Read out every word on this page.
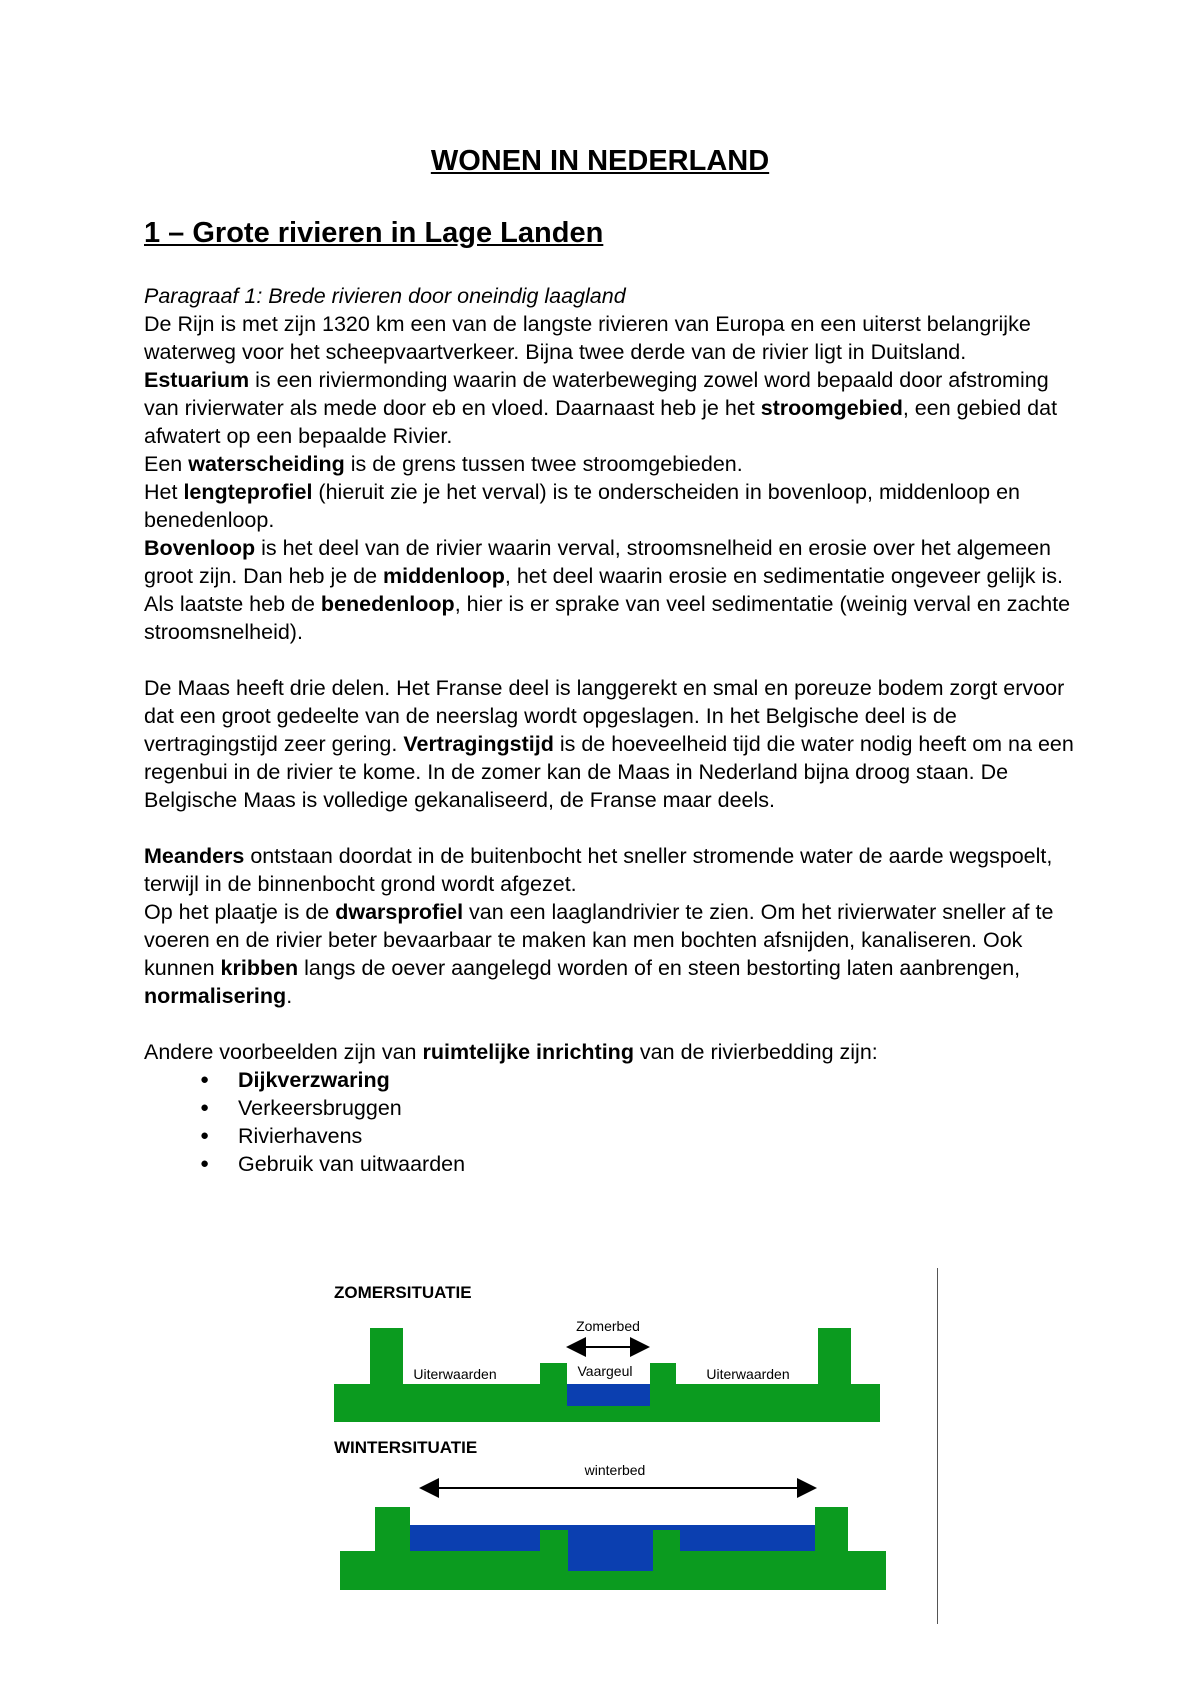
WONEN IN NEDERLAND
1 – Grote rivieren in Lage Landen

Paragraaf 1: Brede rivieren door oneindig laagland

De Rijn is met zijn 1320 km een van de langste rivieren van Europa en een uiterst belangrijke waterweg voor het scheepvaartverkeer. Bijna twee derde van de rivier ligt in Duitsland.

Estuarium is een riviermonding waarin de waterbeweging zowel word bepaald door afstroming van rivierwater als mede door eb en vloed. Daarnaast heb je het stroomgebied, een gebied dat afwatert op een bepaalde Rivier.

Een waterscheiding is de grens tussen twee stroomgebieden.

Het lengteprofiel (hieruit zie je het verval) is te onderscheiden in bovenloop, middenloop en benedenloop.

Bovenloop is het deel van de rivier waarin verval, stroomsnelheid en erosie over het algemeen groot zijn. Dan heb je de middenloop, het deel waarin erosie en sedimentatie ongeveer gelijk is. Als laatste heb de benedenloop, hier is er sprake van veel sedimentatie (weinig verval en zachte stroomsnelheid).

De Maas heeft drie delen. Het Franse deel is langgerekt en smal en poreuze bodem zorgt ervoor dat een groot gedeelte van de neerslag wordt opgeslagen. In het Belgische deel is de vertragingstijd zeer gering. Vertragingstijd is de hoeveelheid tijd die water nodig heeft om na een regenbui in de rivier te kome. In de zomer kan de Maas in Nederland bijna droog staan. De Belgische Maas is volledige gekanaliseerd, de Franse maar deels.

Meanders ontstaan doordat in de buitenbocht het sneller stromende water de aarde wegspoelt, terwijl in de binnenbocht grond wordt afgezet.

Op het plaatje is de dwarsprofiel van een laaglandrivier te zien. Om het rivierwater sneller af te voeren en de rivier beter bevaarbaar te maken kan men bochten afsnijden, kanaliseren. Ook kunnen kribben langs de oever aangelegd worden of en steen bestorting laten aanbrengen, normalisering.

Andere voorbeelden zijn van ruimtelijke inrichting van de rivierbedding zijn:

● Dijkverzwaring
● Verkeersbruggen
● Rivierhavens
● Gebruik van uitwaarden
ZOMERSITUATIE
Zomerbed
Uiterwaarden	Vaargeul	Uiterwaarden
WINTERSITUATIE
winterbed
